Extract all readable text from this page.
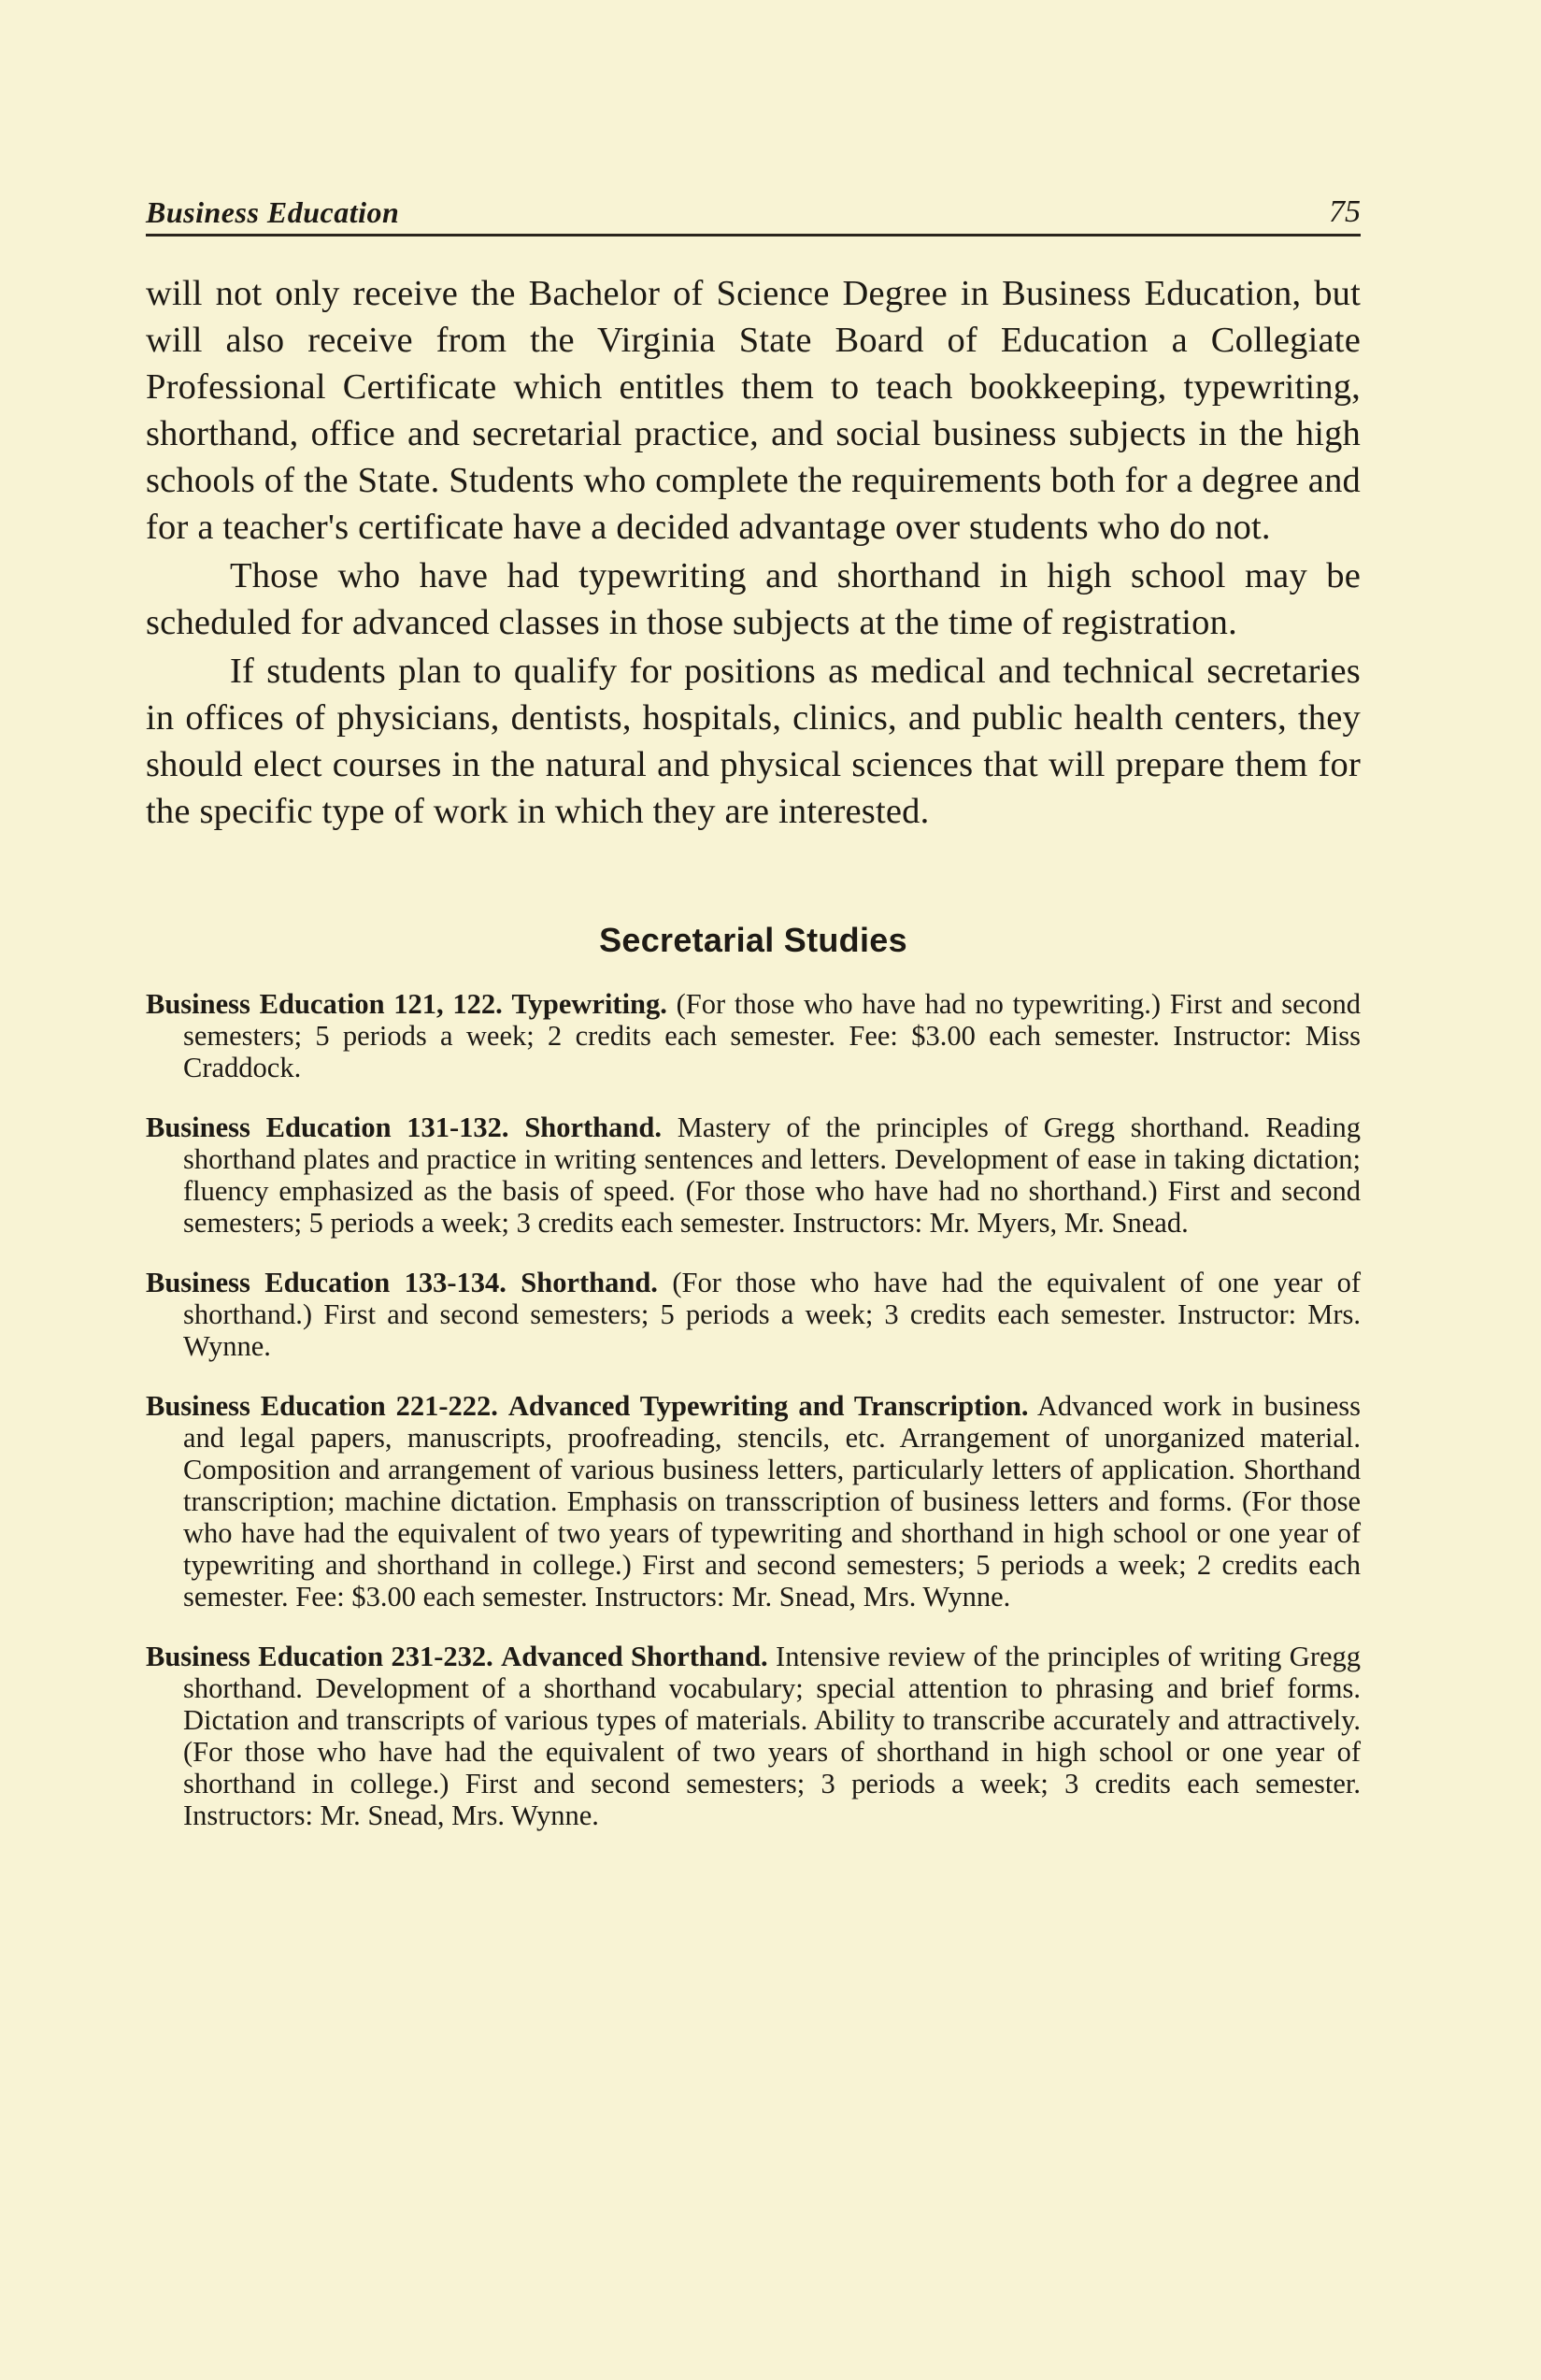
Business Education	75

will not only receive the Bachelor of Science Degree in Business Education, but will also receive from the Virginia State Board of Education a Collegiate Professional Certificate which entitles them to teach bookkeeping, typewriting, shorthand, office and secretarial practice, and social business subjects in the high schools of the State. Students who complete the requirements both for a degree and for a teacher's certificate have a decided advantage over students who do not.

Those who have had typewriting and shorthand in high school may be scheduled for advanced classes in those subjects at the time of registration.

If students plan to qualify for positions as medical and technical secretaries in offices of physicians, dentists, hospitals, clinics, and public health centers, they should elect courses in the natural and physical sciences that will prepare them for the specific type of work in which they are interested.

Secretarial Studies

Business Education 121, 122. Typewriting. (For those who have had no typewriting.) First and second semesters; 5 periods a week; 2 credits each semester. Fee: $3.00 each semester. Instructor: Miss Craddock.

Business Education 131-132. Shorthand. Mastery of the principles of Gregg shorthand. Reading shorthand plates and practice in writing sentences and letters. Development of ease in taking dictation; fluency emphasized as the basis of speed. (For those who have had no shorthand.) First and second semesters; 5 periods a week; 3 credits each semester. Instructors: Mr. Myers, Mr. Snead.

Business Education 133-134. Shorthand. (For those who have had the equivalent of one year of shorthand.) First and second semesters; 5 periods a week; 3 credits each semester. Instructor: Mrs. Wynne.

Business Education 221-222. Advanced Typewriting and Transcription. Advanced work in business and legal papers, manuscripts, proofreading, stencils, etc. Arrangement of unorganized material. Composition and arrangement of various business letters, particularly letters of application. Shorthand transcription; machine dictation. Emphasis on transscription of business letters and forms. (For those who have had the equivalent of two years of typewriting and shorthand in high school or one year of typewriting and shorthand in college.) First and second semesters; 5 periods a week; 2 credits each semester. Fee: $3.00 each semester. Instructors: Mr. Snead, Mrs. Wynne.

Business Education 231-232. Advanced Shorthand. Intensive review of the principles of writing Gregg shorthand. Development of a shorthand vocabulary; special attention to phrasing and brief forms. Dictation and transcripts of various types of materials. Ability to transcribe accurately and attractively. (For those who have had the equivalent of two years of shorthand in high school or one year of shorthand in college.) First and second semesters; 3 periods a week; 3 credits each semester. Instructors: Mr. Snead, Mrs. Wynne.
